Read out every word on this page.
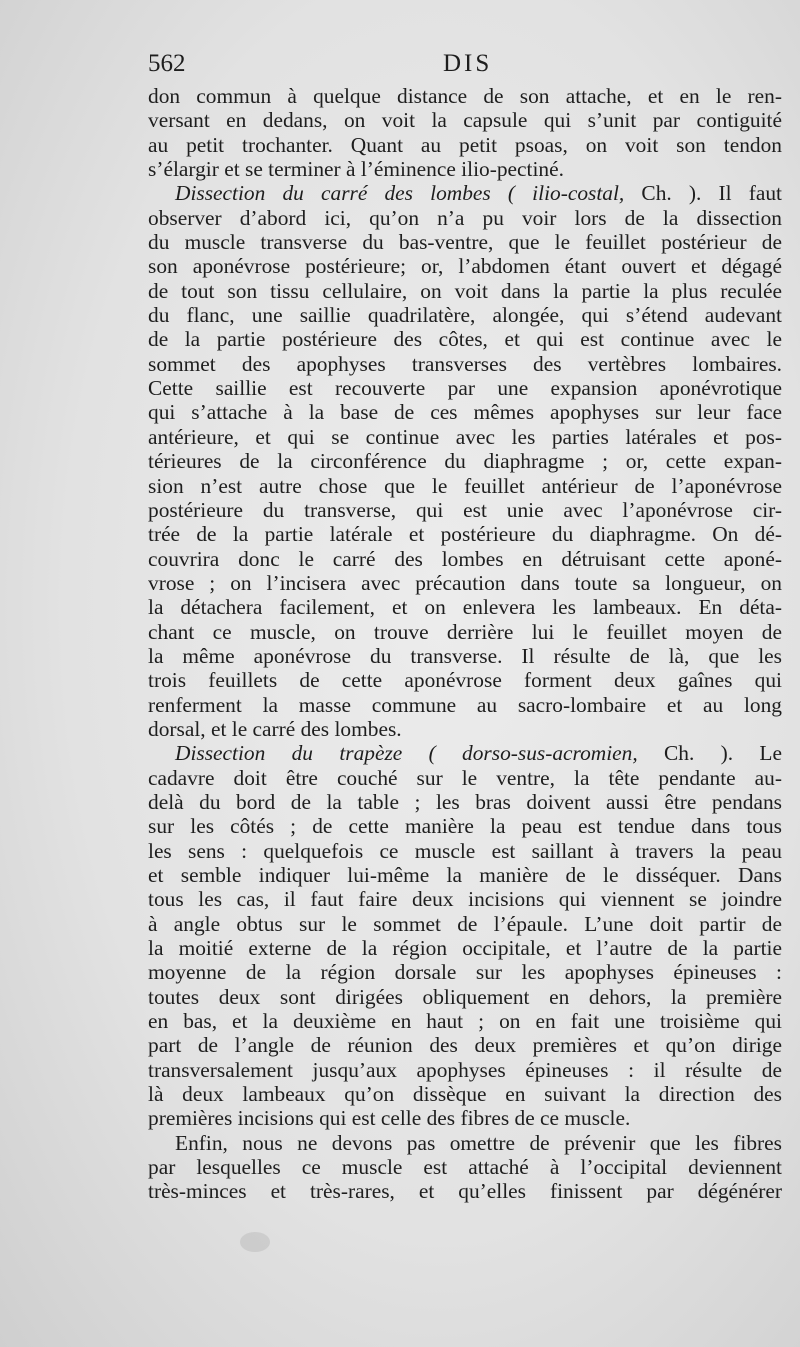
562	DIS
don commun à quelque distance de son attache, et en le ren-
versant en dedans, on voit la capsule qui s’unit par contiguité
au petit trochanter. Quant au petit psoas, on voit son tendon
s’élargir et se terminer à l’éminence ilio-pectiné.
Dissection du carré des lombes ( ilio-costal, Ch. ). Il faut
observer d’abord ici, qu’on n’a pu voir lors de la dissection
du muscle transverse du bas-ventre, que le feuillet postérieur de
son aponévrose postérieure; or, l’abdomen étant ouvert et dégagé
de tout son tissu cellulaire, on voit dans la partie la plus reculée
du flanc, une saillie quadrilatère, alongée, qui s’étend audevant
de la partie postérieure des côtes, et qui est continue avec le
sommet des apophyses transverses des vertèbres lombaires.
Cette saillie est recouverte par une expansion aponévrotique
qui s’attache à la base de ces mêmes apophyses sur leur face
antérieure, et qui se continue avec les parties latérales et pos-
térieures de la circonférence du diaphragme ; or, cette expan-
sion n’est autre chose que le feuillet antérieur de l’aponévrose
postérieure du transverse, qui est unie avec l’aponévrose cir-
trée de la partie latérale et postérieure du diaphragme. On dé-
couvrira donc le carré des lombes en détruisant cette aponé-
vrose ; on l’incisera avec précaution dans toute sa longueur, on
la détachera facilement, et on enlevera les lambeaux. En déta-
chant ce muscle, on trouve derrière lui le feuillet moyen de
la même aponévrose du transverse. Il résulte de là, que les
trois feuillets de cette aponévrose forment deux gaînes qui
renferment la masse commune au sacro-lombaire et au long
dorsal, et le carré des lombes.
Dissection du trapèze ( dorso-sus-acromien, Ch. ). Le
cadavre doit être couché sur le ventre, la tête pendante au-
delà du bord de la table ; les bras doivent aussi être pendans
sur les côtés ; de cette manière la peau est tendue dans tous
les sens : quelquefois ce muscle est saillant à travers la peau
et semble indiquer lui-même la manière de le disséquer. Dans
tous les cas, il faut faire deux incisions qui viennent se joindre
à angle obtus sur le sommet de l’épaule. L’une doit partir de
la moitié externe de la région occipitale, et l’autre de la partie
moyenne de la région dorsale sur les apophyses épineuses :
toutes deux sont dirigées obliquement en dehors, la première
en bas, et la deuxième en haut ; on en fait une troisième qui
part de l’angle de réunion des deux premières et qu’on dirige
transversalement jusqu’aux apophyses épineuses : il résulte de
là deux lambeaux qu’on dissèque en suivant la direction des
premières incisions qui est celle des fibres de ce muscle.
Enfin, nous ne devons pas omettre de prévenir que les fibres
par lesquelles ce muscle est attaché à l’occipital deviennent
très-minces et très-rares, et qu’elles finissent par dégénérer
